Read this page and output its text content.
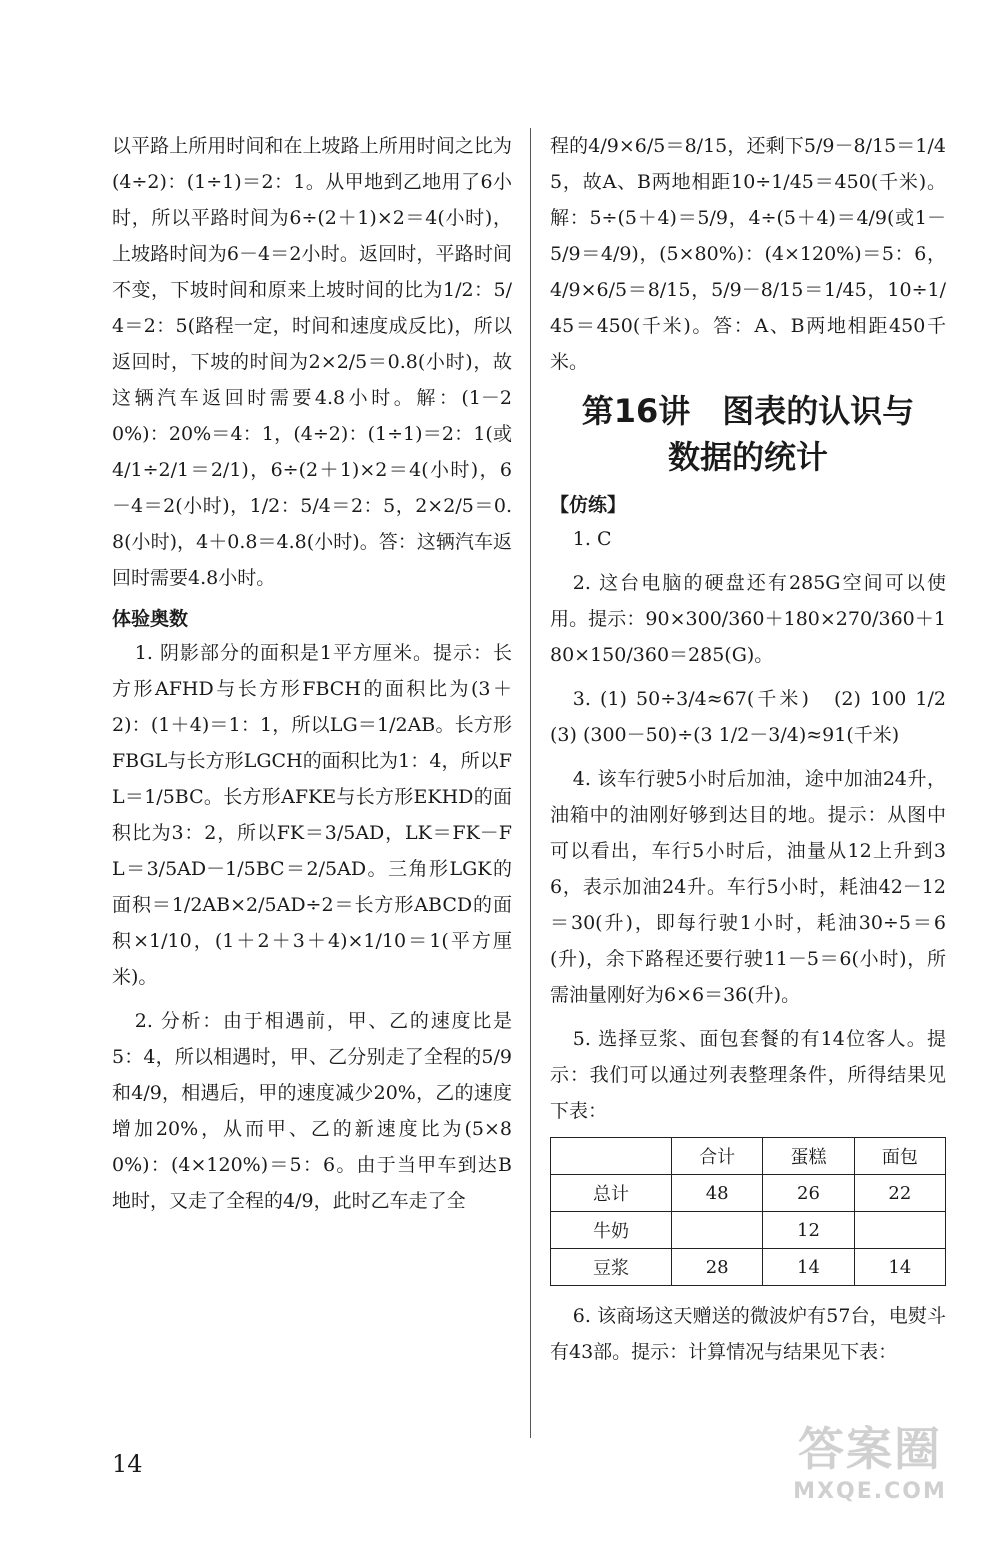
以平路上所用时间和在上坡路上所用时间之比为(4÷2)：(1÷1)＝2：1。从甲地到乙地用了6小时，所以平路时间为6÷(2＋1)×2＝4(小时)，上坡路时间为6－4＝2小时。返回时，平路时间不变，下坡时间和原来上坡时间的比为1/2：5/4＝2：5(路程一定，时间和速度成反比)，所以返回时，下坡的时间为2×2/5＝0.8(小时)，故这辆汽车返回时需要4.8小时。解：(1－20%)：20%＝4：1，(4÷2)：(1÷1)＝2：1(或4/1÷2/1＝2/1)，6÷(2＋1)×2＝4(小时)，6－4＝2(小时)，1/2：5/4＝2：5，2×2/5＝0.8(小时)，4＋0.8＝4.8(小时)。答：这辆汽车返回时需要4.8小时。

体验奥数

1. 阴影部分的面积是1平方厘米。提示：长方形AFHD与长方形FBCH的面积比为(3＋2)：(1＋4)＝1：1，所以LG＝1/2AB。长方形FBGL与长方形LGCH的面积比为1：4，所以FL＝1/5BC。长方形AFKE与长方形EKHD的面积比为3：2，所以FK＝3/5AD，LK＝FK－FL＝3/5AD－1/5BC＝2/5AD。三角形LGK的面积＝1/2AB×2/5AD÷2＝长方形ABCD的面积×1/10，(1＋2＋3＋4)×1/10＝1(平方厘米)。

2. 分析：由于相遇前，甲、乙的速度比是5：4，所以相遇时，甲、乙分别走了全程的5/9和4/9，相遇后，甲的速度减少20%，乙的速度增加20%，从而甲、乙的新速度比为(5×80%)：(4×120%)＝5：6。由于当甲车到达B地时，又走了全程的4/9，此时乙车走了全

程的4/9×6/5＝8/15，还剩下5/9－8/15＝1/45，故A、B两地相距10÷1/45＝450(千米)。解：5÷(5＋4)＝5/9，4÷(5＋4)＝4/9(或1－5/9＝4/9)，(5×80%)：(4×120%)＝5：6，4/9×6/5＝8/15，5/9－8/15＝1/45，10÷1/45＝450(千米)。答：A、B两地相距450千米。

第16讲　图表的认识与
数据的统计
【仿练】

1. C

2. 这台电脑的硬盘还有285G空间可以使用。提示：90×300/360＋180×270/360＋180×150/360＝285(G)。

3. (1) 50÷3/4≈67(千米)　(2) 100 1/2　(3) (300－50)÷(3 1/2－3/4)≈91(千米)

4. 该车行驶5小时后加油，途中加油24升，油箱中的油刚好够到达目的地。提示：从图中可以看出，车行5小时后，油量从12上升到36，表示加油24升。车行5小时，耗油42－12＝30(升)，即每行驶1小时，耗油30÷5＝6(升)，余下路程还要行驶11－5＝6(小时)，所需油量刚好为6×6＝36(升)。

5. 选择豆浆、面包套餐的有14位客人。提示：我们可以通过列表整理条件，所得结果见下表：

	合计	蛋糕	面包
总计	48	26	22
牛奶		12	
豆浆	28	14	14

6. 该商场这天赠送的微波炉有57台，电熨斗有43部。提示：计算情况与结果见下表：

14	答案圈
MXQE.COM
